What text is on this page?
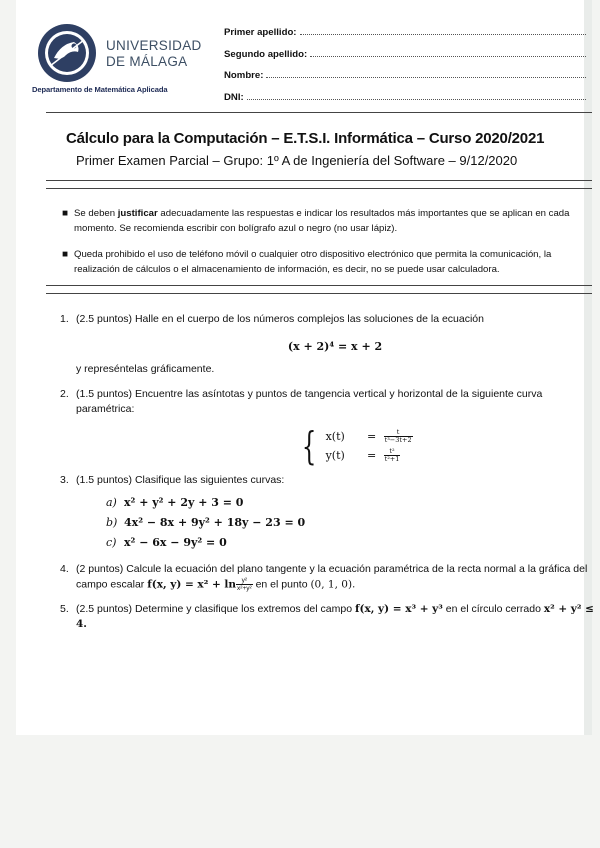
UNIVERSIDAD
DE MÁLAGA
Departamento de Matemática Aplicada
Primer apellido:
Segundo apellido:
Nombre:
DNI:
Cálculo para la Computación – E.T.S.I. Informática – Curso 2020/2021
Primer Examen Parcial – Grupo: 1º A de Ingeniería del Software – 9/12/2020
■ Se deben justificar adecuadamente las respuestas e indicar los resultados más importantes que se aplican en cada momento. Se recomienda escribir con bolígrafo azul o negro (no usar lápiz).
■ Queda prohibido el uso de teléfono móvil o cualquier otro dispositivo electrónico que permita la comunicación, la realización de cálculos o el almacenamiento de información, es decir, no se puede usar calculadora.
1. (2.5 puntos) Halle en el cuerpo de los números complejos las soluciones de la ecuación
(x + 2)⁴ = x + 2
y represéntelas gráficamente.
2. (1.5 puntos) Encuentre las asíntotas y puntos de tangencia vertical y horizontal de la siguiente curva paramétrica:
{ x(t)	=	$\frac{t}{\text{t³−3t+2}}$
y(t)	=	$\frac{\text{t²}}{\text{t²+1}}$
3. (1.5 puntos) Clasifique las siguientes curvas:
a) x² + y² + 2y + 3 = 0
b) 4x² − 8x + 9y² + 18y − 23 = 0
c) x² − 6x − 9y² = 0
4. (2 puntos) Calcule la ecuación del plano tangente y la ecuación paramétrica de la recta normal a la gráfica del campo escalar f(x, $y) = x^2 + \ln \frac{\text{y²}}{\text{x²+y²}}$ en el punto (0, 1, 0).
5. (2.5 puntos) Determine y clasifique los extremos del campo f(x, y) = x³ + y³ en el círculo cerrado x² + y² ≤ 4.
